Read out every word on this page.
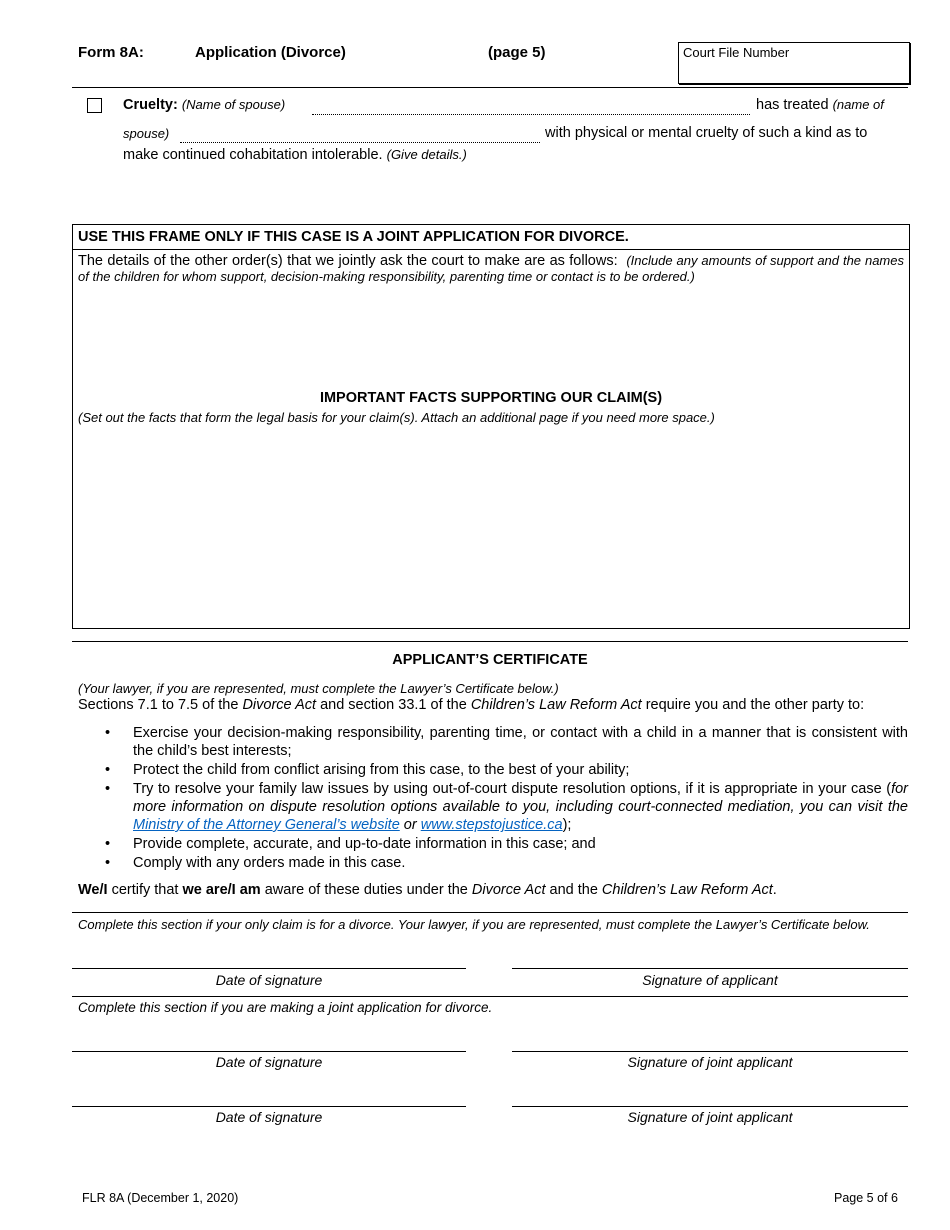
Form 8A:	Application (Divorce)	(page 5)	Court File Number
Cruelty: (Name of spouse)	has treated (name of
spouse)	with physical or mental cruelty of such a kind as to
make continued cohabitation intolerable. (Give details.)
USE THIS FRAME ONLY IF THIS CASE IS A JOINT APPLICATION FOR DIVORCE.
The details of the other order(s) that we jointly ask the court to make are as follows: (Include any amounts of support and the names of the children for whom support, decision-making responsibility, parenting time or contact is to be ordered.)
IMPORTANT FACTS SUPPORTING OUR CLAIM(S)
(Set out the facts that form the legal basis for your claim(s). Attach an additional page if you need more space.)
APPLICANT’S CERTIFICATE
(Your lawyer, if you are represented, must complete the Lawyer’s Certificate below.)
Sections 7.1 to 7.5 of the Divorce Act and section 33.1 of the Children’s Law Reform Act require you and the other party to:
• Exercise your decision-making responsibility, parenting time, or contact with a child in a manner that is consistent with the child’s best interests;
• Protect the child from conflict arising from this case, to the best of your ability;
• Try to resolve your family law issues by using out-of-court dispute resolution options, if it is appropriate in your case (for more information on dispute resolution options available to you, including court-connected mediation, you can visit the Ministry of the Attorney General’s website or www.stepstojustice.ca);
• Provide complete, accurate, and up-to-date information in this case; and
• Comply with any orders made in this case.
We/I certify that we are/I am aware of these duties under the Divorce Act and the Children’s Law Reform Act.
Complete this section if your only claim is for a divorce. Your lawyer, if you are represented, must complete the Lawyer’s Certificate below.
Date of signature	Signature of applicant
Complete this section if you are making a joint application for divorce.
Date of signature	Signature of joint applicant
Date of signature	Signature of joint applicant
FLR 8A (December 1, 2020)	Page 5 of 6
